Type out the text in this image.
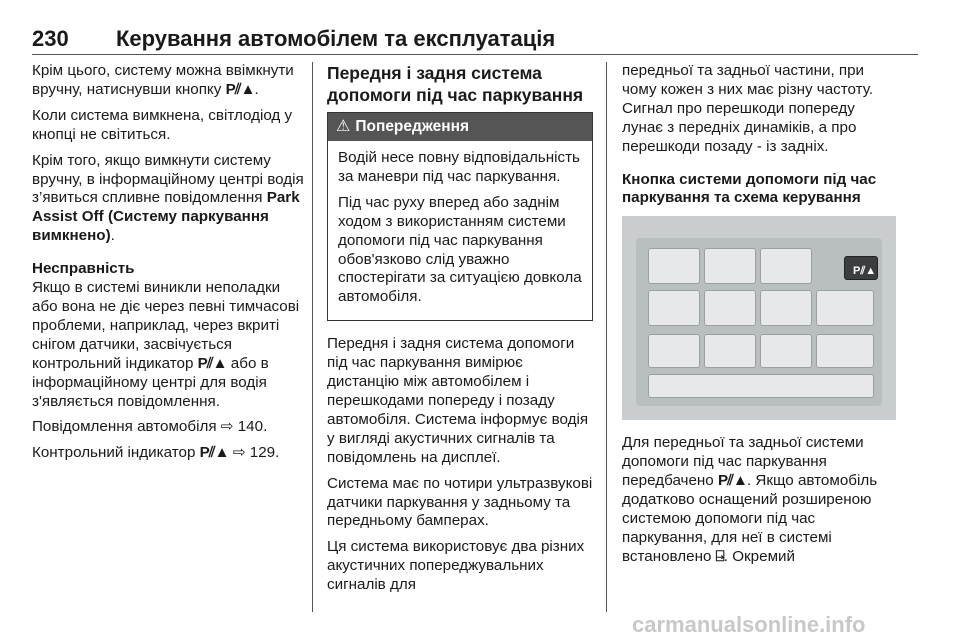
230 Керування автомобілем та експлуатація

Крім цього, систему можна ввімкнути вручну, натиснувши кнопку P⫽▲.

Коли система вимкнена, світлодіод у кнопці не світиться.

Крім того, якщо вимкнути систему вручну, в інформаційному центрі водія з’явиться спливне повідомлення Park Assist Off (Систему паркування вимкнено).

Несправність

Якщо в системі виникли неполадки або вона не діє через певні тимчасові проблеми, наприклад, через вкриті снігом датчики, засвічується контрольний індикатор P⫽▲ або в інформаційному центрі для водія з'являється повідомлення.

Повідомлення автомобіля ⇨ 140.

Контрольний індикатор P⫽▲ ⇨ 129.

Передня і задня система допомоги під час паркування
⚠ Попередження

Водій несе повну відповідальність за маневри під час паркування.

Під час руху вперед або заднім ходом з використанням системи допомоги під час паркування обов'язково слід уважно спостерігати за ситуацією довкола автомобіля.

Передня і задня система допомоги під час паркування вимірює дистанцію між автомобілем і перешкодами попереду і позаду автомобіля. Система інформує водія у вигляді акустичних сигналів та повідомлень на дисплеї.

Система має по чотири ультразвукові датчики паркування у задньому та передньому бамперах.

Ця система використовує два різних акустичних попереджувальних сигналів для

передньої та задньої частини, при чому кожен з них має різну частоту. Сигнал про перешкоди попереду лунає з передніх динаміків, а про перешкоди позаду - із задніх.

Кнопка системи допомоги під час паркування та схема керування
P⫽▲

Для передньої та задньої системи допомоги під час паркування передбачено P⫽▲. Якщо автомобіль додатково оснащений розширеною системою допомоги під час паркування, для неї в системі встановлено ⍈. Окремий

carmanualsonline.info
